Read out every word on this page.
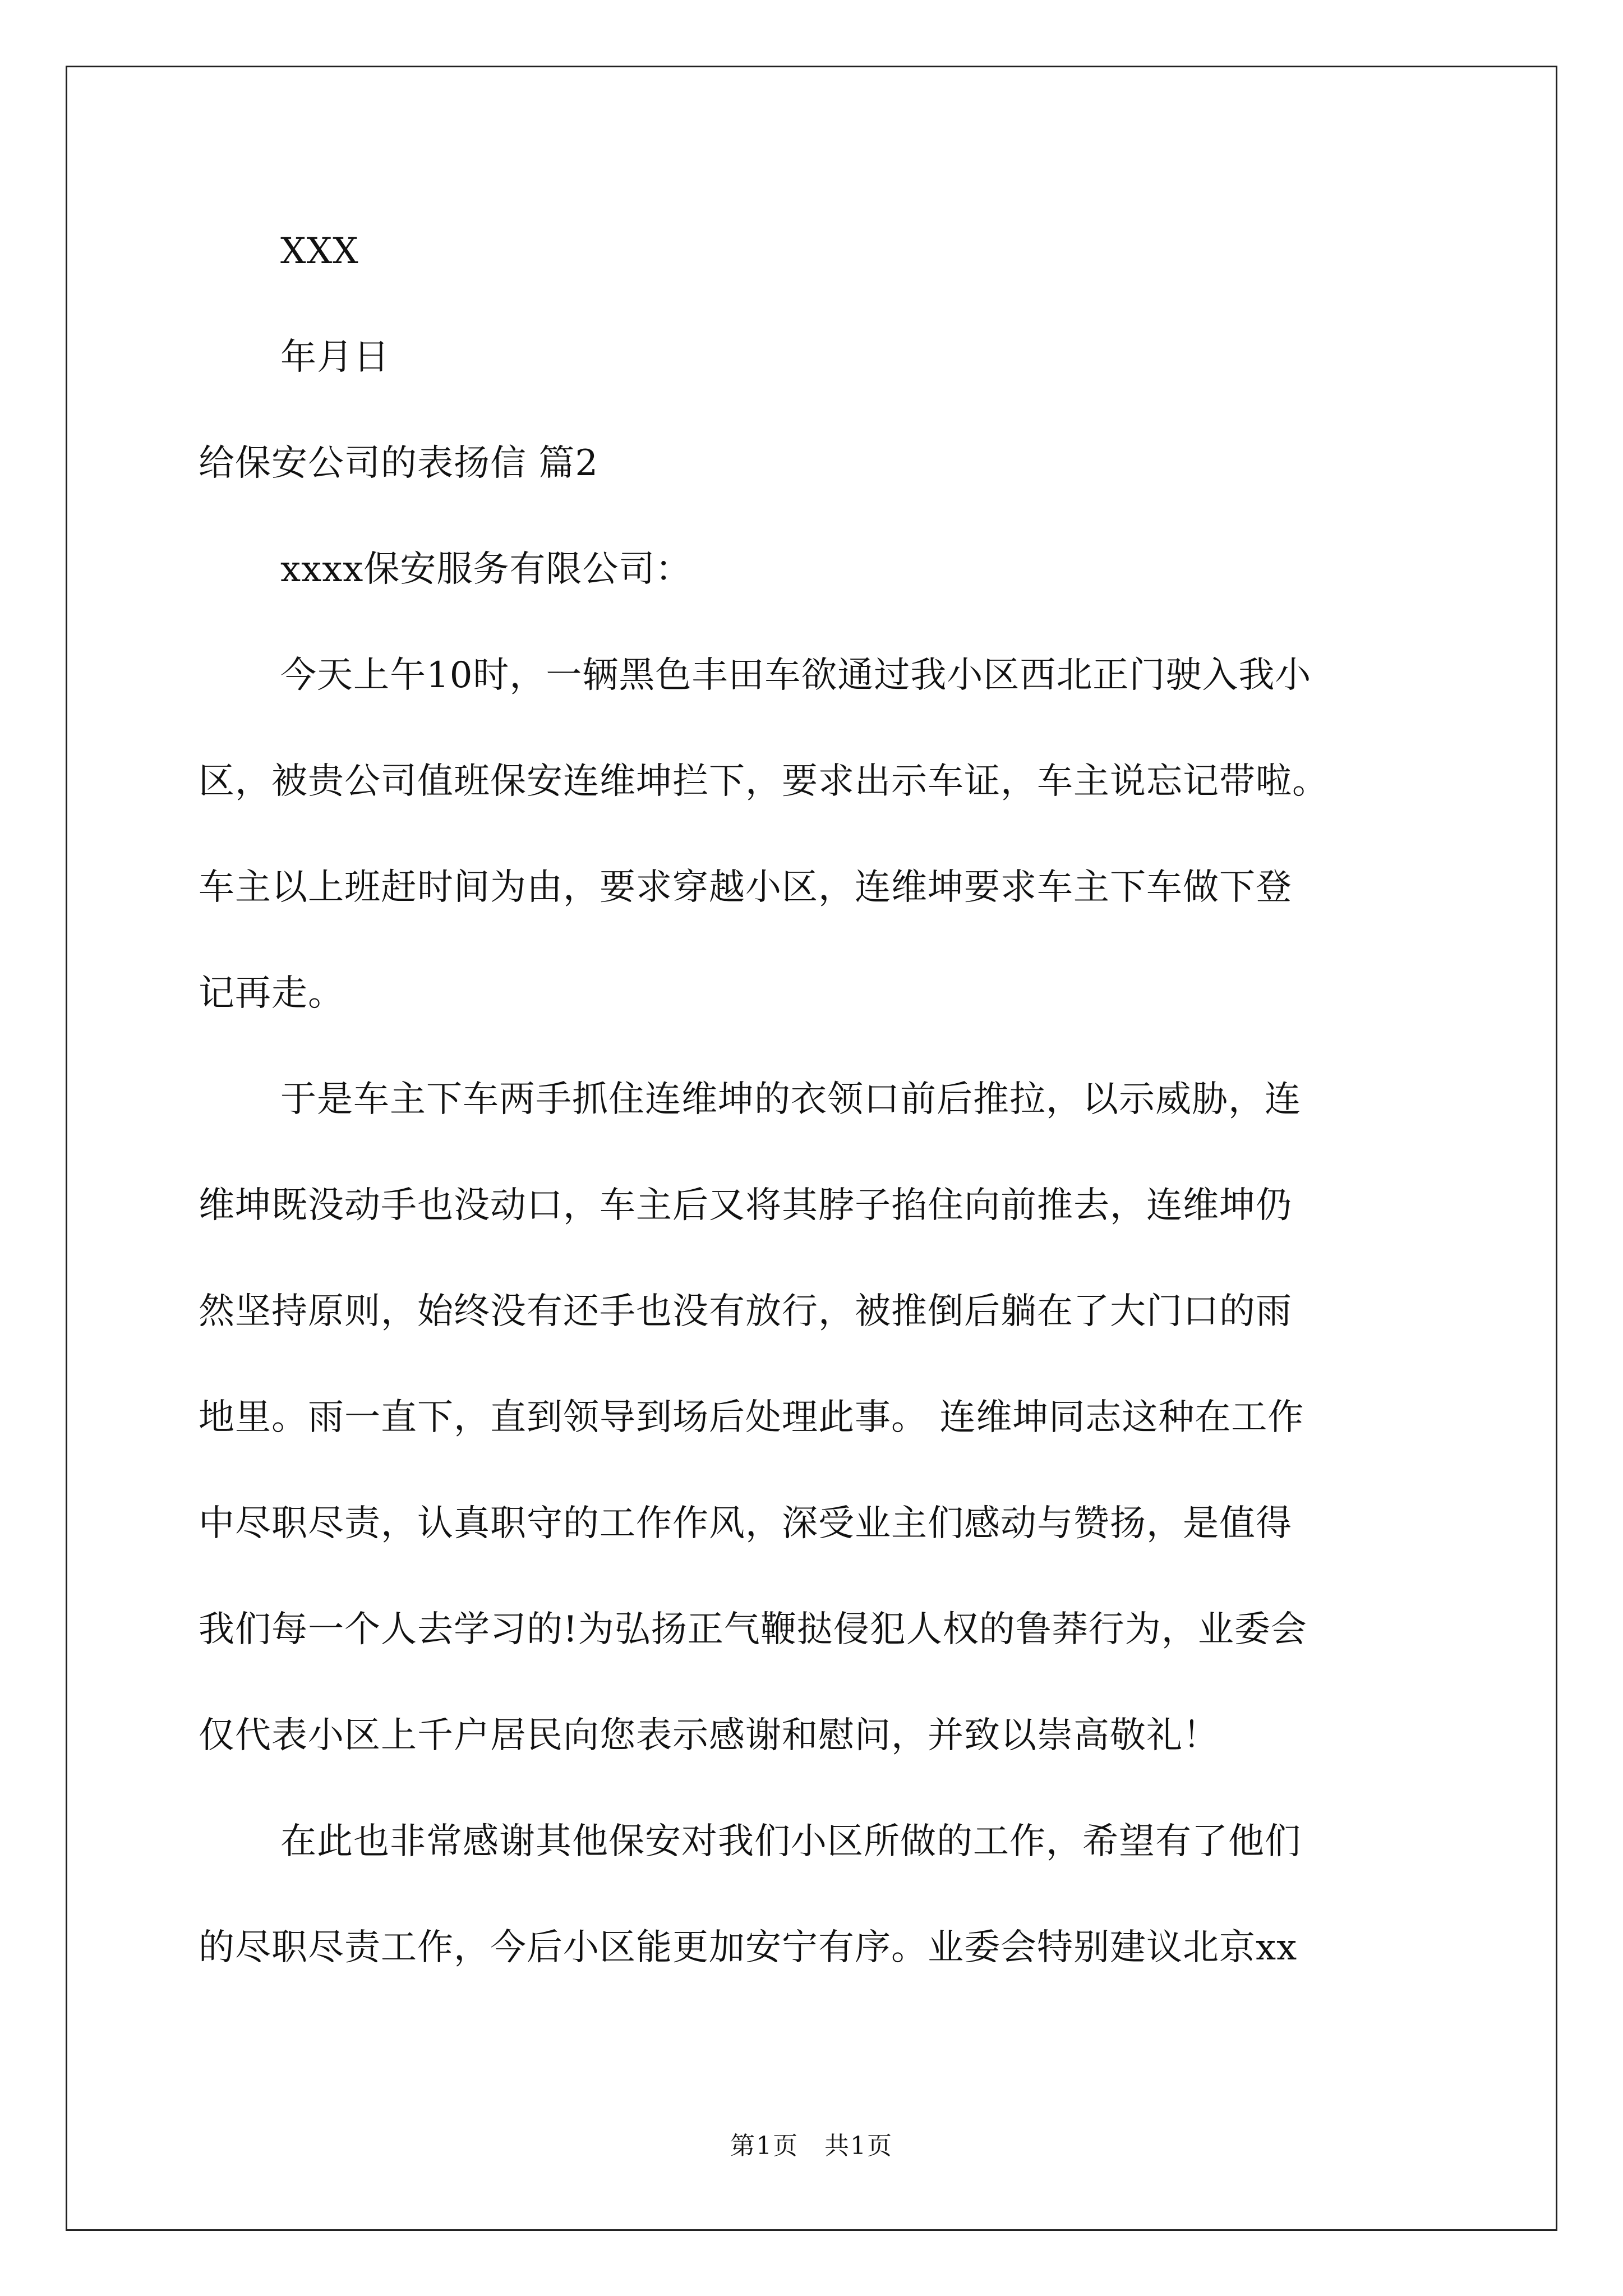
XXX
年月日
给保安公司的表扬信 篇2
xxxx保安服务有限公司：
今天上午10时，一辆黑色丰田车欲通过我小区西北正门驶入我小
区，被贵公司值班保安连维坤拦下，要求出示车证，车主说忘记带啦。
车主以上班赶时间为由，要求穿越小区，连维坤要求车主下车做下登
记再走。
于是车主下车两手抓住连维坤的衣领口前后推拉，以示威胁，连
维坤既没动手也没动口，车主后又将其脖子掐住向前推去，连维坤仍
然坚持原则，始终没有还手也没有放行，被推倒后躺在了大门口的雨
地里。雨一直下，直到领导到场后处理此事。 连维坤同志这种在工作
中尽职尽责，认真职守的工作作风，深受业主们感动与赞扬，是值得
我们每一个人去学习的!为弘扬正气鞭挞侵犯人权的鲁莽行为，业委会
仅代表小区上千户居民向您表示感谢和慰问，并致以崇高敬礼！
在此也非常感谢其他保安对我们小区所做的工作，希望有了他们
的尽职尽责工作，今后小区能更加安宁有序。业委会特别建议北京xx
第1页　共1页
